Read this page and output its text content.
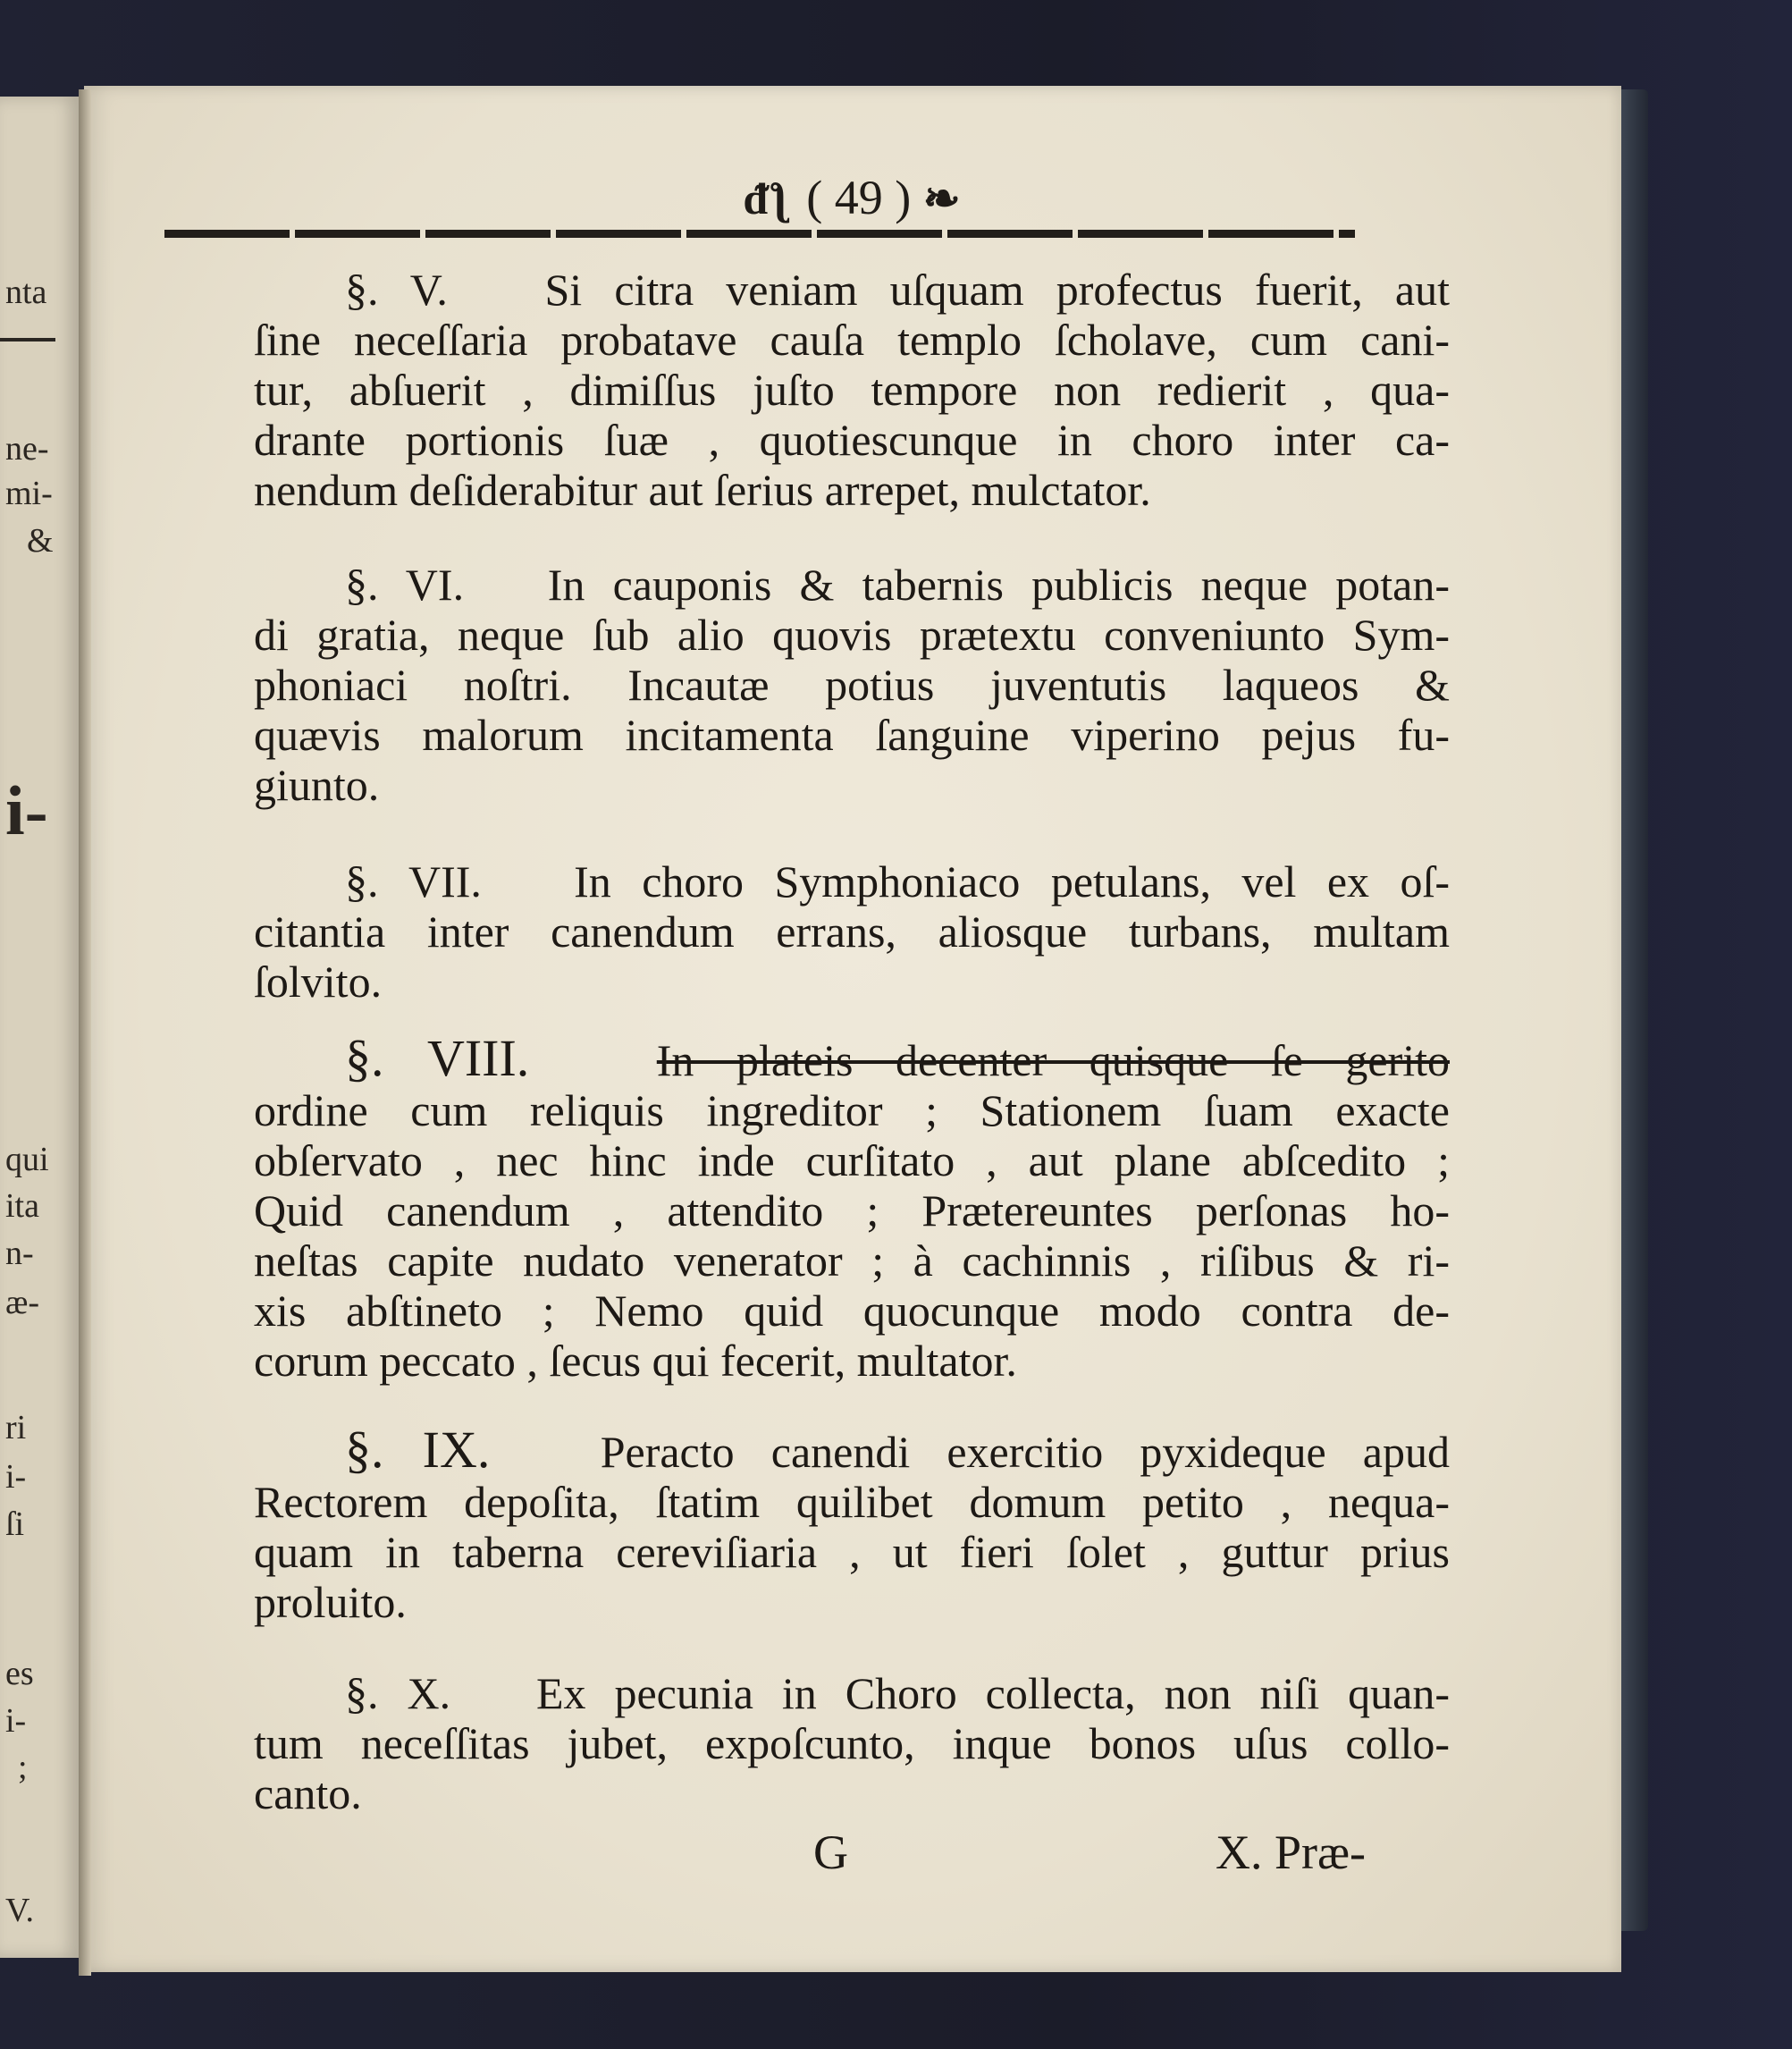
nta
ne-
mi-
&
i-
qui
ita
n-
æ-
ri
i-
ſi
es
i-
;
V.
ᵭƪ ( 49 ) ❧

§. V. Si citra veniam uſquam profectus fuerit, aut
ſine neceſſaria probatave cauſa templo ſcholave, cum cani-
tur, abſuerit , dimiſſus juſto tempore non redierit , qua-
drante portionis ſuæ , quotiescunque in choro inter ca-
nendum deſiderabitur aut ſerius arrepet, mulctator.

§. VI. In cauponis & tabernis publicis neque potan-
di gratia, neque ſub alio quovis prætextu conveniunto Sym-
phoniaci noſtri. Incautæ potius juventutis laqueos &
quævis malorum incitamenta ſanguine viperino pejus fu-
giunto.

§. VII. In choro Symphoniaco petulans, vel ex oſ-
citantia inter canendum errans, aliosque turbans, multam
ſolvito.

§. VIII.	In plateis decenter quisque ſe gerito
ordine cum reliquis ingreditor ; Stationem ſuam exacte
obſervato , nec hinc inde curſitato , aut plane abſcedito ;
Quid canendum , attendito ; Prætereuntes perſonas ho-
neſtas capite nudato venerator ; à cachinnis , riſibus & ri-
xis abſtineto ; Nemo quid quocunque modo contra de-
corum peccato , ſecus qui fecerit, multator.

§. IX. Peracto canendi exercitio pyxideque apud
Rectorem depoſita, ſtatim quilibet domum petito , nequa-
quam in taberna cereviſiaria , ut fieri ſolet , guttur prius
proluito.

§. X. Ex pecunia in Choro collecta, non niſi quan-
tum neceſſitas jubet, expoſcunto, inque bonos uſus collo-
canto.

G	X. Præ-
